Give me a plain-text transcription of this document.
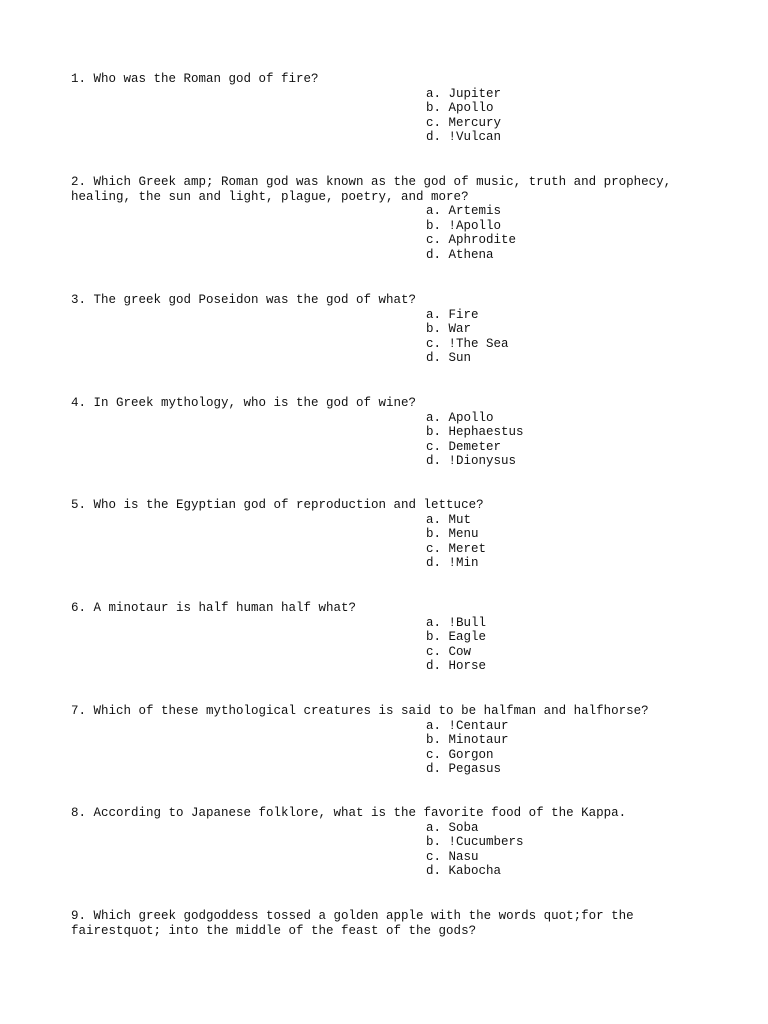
1. Who was the Roman god of fire?

a. Jupiter
b. Apollo
c. Mercury
d. !Vulcan

2. Which Greek amp; Roman god was known as the god of music, truth and prophecy, healing, the sun and light, plague, poetry, and more?

a. Artemis
b. !Apollo
c. Aphrodite
d. Athena

3. The greek god Poseidon was the god of what?

a. Fire
b. War
c. !The Sea
d. Sun

4. In Greek mythology, who is the god of wine?

a. Apollo
b. Hephaestus
c. Demeter
d. !Dionysus

5. Who is the Egyptian god of reproduction and lettuce?

a. Mut
b. Menu
c. Meret
d. !Min

6. A minotaur is half human half what?

a. !Bull
b. Eagle
c. Cow
d. Horse

7. Which of these mythological creatures is said to be halfman and halfhorse?

a. !Centaur
b. Minotaur
c. Gorgon
d. Pegasus

8. According to Japanese folklore, what is the favorite food of the Kappa.

a. Soba
b. !Cucumbers
c. Nasu
d. Kabocha

9. Which greek godgoddess tossed a golden apple with the words quot;for the fairestquot; into the middle of the feast of the gods?
